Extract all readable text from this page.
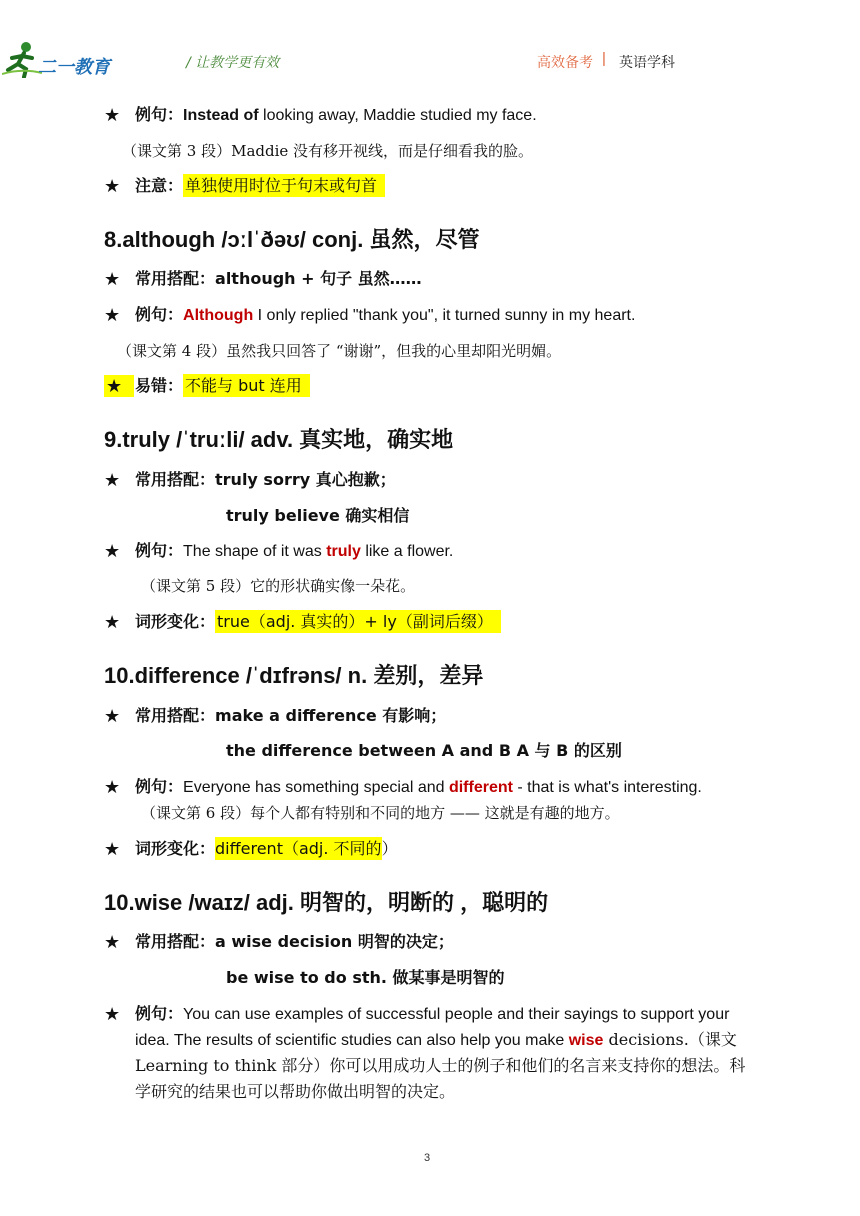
二一教育	/ 让教学更有效	高效备考 | 英语学科
★ 例句：Instead of looking away, Maddie studied my face.
（课文第 3 段）Maddie 没有移开视线，而是仔细看我的脸。
★ 注意： 单独使用时位于句末或句首
8.although /ɔːlˈðəʊ/ conj. 虽然，尽管
★ 常用搭配：although + 句子 虽然……
★ 例句：Although I only replied "thank you", it turned sunny in my heart.
（课文第 4 段）虽然我只回答了 “谢谢”，但我的心里却阳光明媚。
★ 易错： 不能与 but 连用
9.truly /ˈtruːli/ adv. 真实地，确实地
★ 常用搭配：truly sorry 真心抱歉；
truly believe 确实相信
★ 例句：The shape of it was truly like a flower.
（课文第 5 段）它的形状确实像一朵花。
★ 词形变化： true（adj. 真实的）+ ly（副词后缀）
10.difference /ˈdɪfrəns/ n. 差别，差异
★ 常用搭配：make a difference 有影响；
the difference between A and B A 与 B 的区别
★ 例句：Everyone has something special and different - that is what's interesting.
（课文第 6 段）每个人都有特别和不同的地方 —— 这就是有趣的地方。
★ 词形变化：different（adj. 不同的）
10.wise /waɪz/ adj. 明智的，明断的 ，聪明的
★ 常用搭配：a wise decision 明智的决定；
be wise to do sth. 做某事是明智的
★ 例句：You can use examples of successful people and their sayings to support your idea. The results of scientific studies can also help you make wise decisions.（课文 Learning to think 部分）你可以用成功人士的例子和他们的名言来支持你的想法。科学研究的结果也可以帮助你做出明智的决定。
3
